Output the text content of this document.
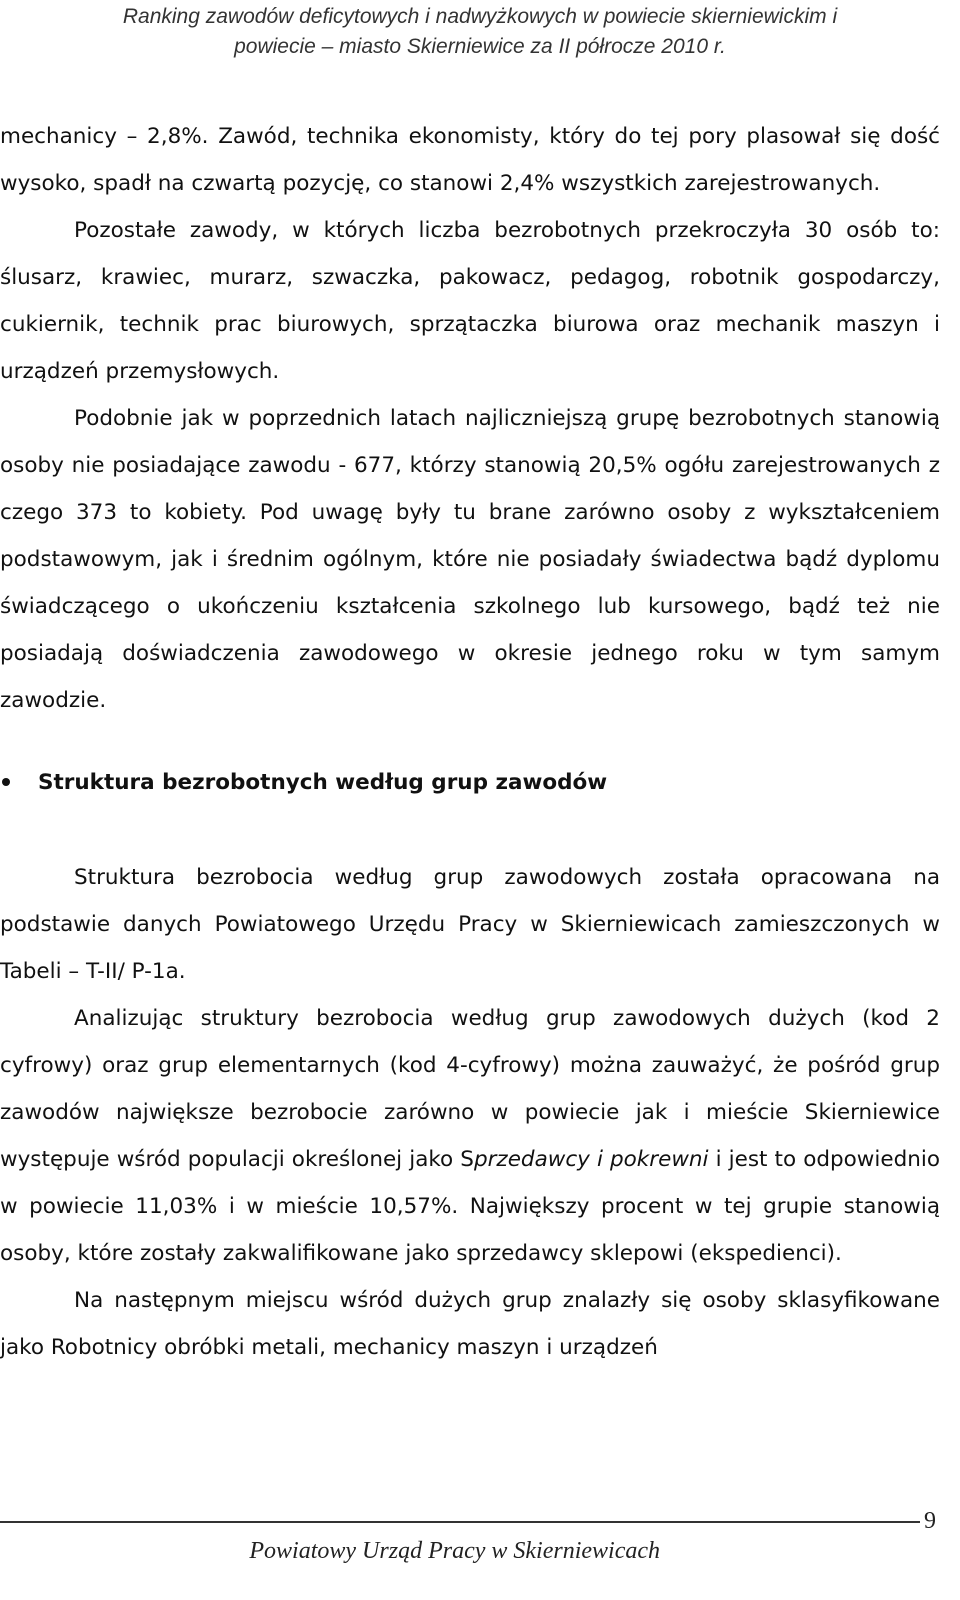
Ranking zawodów deficytowych i nadwyżkowych w powiecie skierniewickim i
powiecie – miasto Skierniewice za II półrocze 2010 r.

mechanicy – 2,8%. Zawód, technika ekonomisty, który do tej pory plasował się dość wysoko, spadł na czwartą pozycję, co stanowi 2,4% wszystkich zarejestrowanych.

Pozostałe zawody, w których liczba bezrobotnych przekroczyła 30 osób to: ślusarz, krawiec, murarz, szwaczka, pakowacz, pedagog, robotnik gospodarczy, cukiernik, technik prac biurowych, sprzątaczka biurowa oraz mechanik maszyn i urządzeń przemysłowych.

Podobnie jak w poprzednich latach najliczniejszą grupę bezrobotnych stanowią osoby nie posiadające zawodu - 677, którzy stanowią 20,5% ogółu zarejestrowanych z czego 373 to kobiety. Pod uwagę były tu brane zarówno osoby z wykształceniem podstawowym, jak i średnim ogólnym, które nie posiadały świadectwa bądź dyplomu świadczącego o ukończeniu kształcenia szkolnego lub kursowego, bądź też nie posiadają doświadczenia zawodowego w okresie jednego roku w tym samym zawodzie.

Struktura bezrobotnych według grup zawodów

Struktura bezrobocia według grup zawodowych została opracowana na podstawie danych Powiatowego Urzędu Pracy w Skierniewicach zamieszczonych w Tabeli – T-II/ P-1a.

Analizując struktury bezrobocia według grup zawodowych dużych (kod 2 cyfrowy) oraz grup elementarnych (kod 4-cyfrowy) można zauważyć, że pośród grup zawodów największe bezrobocie zarówno w powiecie jak i mieście Skierniewice występuje wśród populacji określonej jako Sprzedawcy i pokrewni i jest to odpowiednio w powiecie 11,03% i w mieście 10,57%. Największy procent w tej grupie stanowią osoby, które zostały zakwalifikowane jako sprzedawcy sklepowi (ekspedienci).

Na następnym miejscu wśród dużych grup znalazły się osoby sklasyfikowane jako Robotnicy obróbki metali, mechanicy maszyn i urządzeń

9
Powiatowy Urząd Pracy w Skierniewicach
